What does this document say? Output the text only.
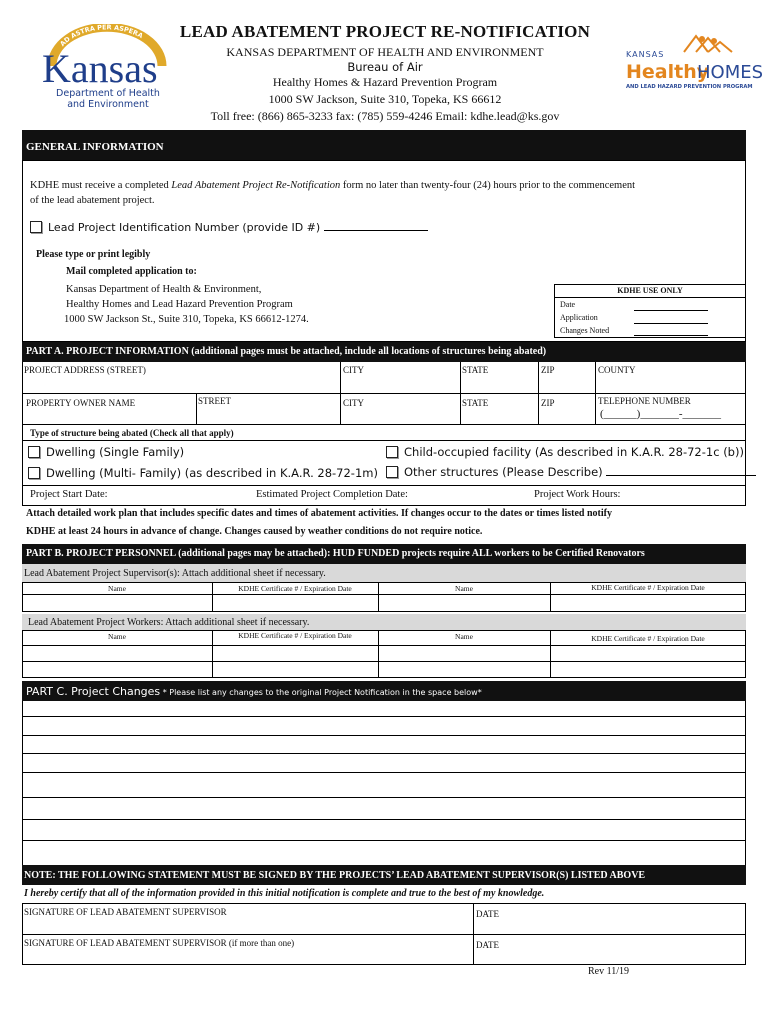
LEAD ABATEMENT PROJECT RE-NOTIFICATION
KANSAS DEPARTMENT OF HEALTH AND ENVIRONMENT
Bureau of Air
Healthy Homes & Hazard Prevention Program
1000 SW Jackson, Suite 310, Topeka, KS 66612
Toll free: (866) 865-3233 fax: (785) 559-4246 Email: kdhe.lead@ks.gov
AD ASTRA PER ASPERA
Kansas
Department of Health
and Environment
KANSAS
Healthy
HOMES
AND LEAD HAZARD PREVENTION PROGRAM
GENERAL INFORMATION
KDHE must receive a completed Lead Abatement Project Re-Notification form no later than twenty-four (24) hours prior to the commencement
of the lead abatement project.
Lead Project Identification Number (provide ID #)
Please type or print legibly
Mail completed application to:
Kansas Department of Health & Environment,
Healthy Homes and Lead Hazard Prevention Program
1000 SW Jackson St., Suite 310, Topeka, KS 66612-1274.
KDHE USE ONLY
Date
Application
Changes Noted
PART A. PROJECT INFORMATION (additional pages must be attached, include all locations of structures being abated)
PROJECT ADDRESS (STREET)	CITY	STATE	ZIP	COUNTY
PROPERTY OWNER NAME	STREET	CITY	STATE	ZIP	TELEPHONE NUMBER
(______)_______-_______
Type of structure being abated (Check all that apply)
Dwelling (Single Family)	Child-occupied facility (As described in K.A.R. 28-72-1c (b))
Dwelling (Multi- Family) (as described in K.A.R. 28-72-1m)	Other structures (Please Describe)
Project Start Date:	Estimated Project Completion Date:	Project Work Hours:
Attach detailed work plan that includes specific dates and times of abatement activities. If changes occur to the dates or times listed notify
KDHE at least 24 hours in advance of change. Changes caused by weather conditions do not require notice.
PART B. PROJECT PERSONNEL (additional pages may be attached): HUD FUNDED projects require ALL workers to be Certified Renovators
Lead Abatement Project Supervisor(s): Attach additional sheet if necessary.
Name	KDHE Certificate # / Expiration Date	Name	KDHE Certificate # / Expiration Date
Lead Abatement Project Workers: Attach additional sheet if necessary.
Name	KDHE Certificate # / Expiration Date	Name	KDHE Certificate # / Expiration Date
PART C. Project Changes * Please list any changes to the original Project Notification in the space below*
NOTE: THE FOLLOWING STATEMENT MUST BE SIGNED BY THE PROJECTS’ LEAD ABATEMENT SUPERVISOR(S) LISTED ABOVE
I hereby certify that all of the information provided in this initial notification is complete and true to the best of my knowledge.
SIGNATURE OF LEAD ABATEMENT SUPERVISOR	DATE
SIGNATURE OF LEAD ABATEMENT SUPERVISOR (if more than one)	DATE
Rev 11/19
